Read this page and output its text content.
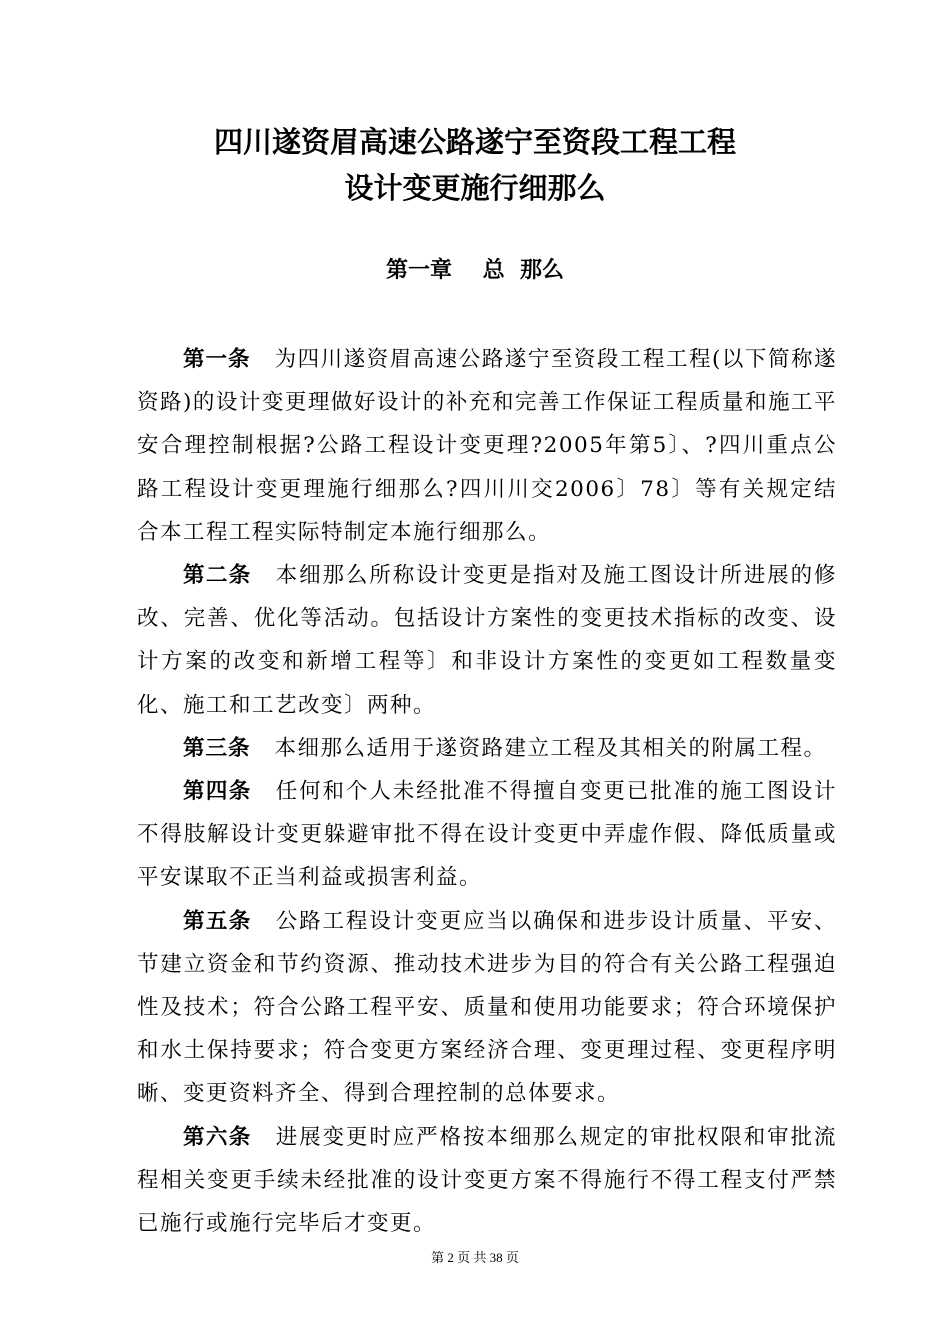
四川遂资眉高速公路遂宁至资段工程工程
设计变更施行细那么
第一章    总  那么

第一条 为四川遂资眉高速公路遂宁至资段工程工程(以下简称遂资路)的设计变更理做好设计的补充和完善工作保证工程质量和施工平安合理控制根据?公路工程设计变更理?2005年第5〕、?四川重点公路工程设计变更理施行细那么?四川川交2006〕78〕等有关规定结合本工程工程实际特制定本施行细那么。

第二条 本细那么所称设计变更是指对及施工图设计所进展的修改、完善、优化等活动。包括设计方案性的变更技术指标的改变、设计方案的改变和新增工程等〕和非设计方案性的变更如工程数量变化、施工和工艺改变〕两种。

第三条 本细那么适用于遂资路建立工程及其相关的附属工程。

第四条 任何和个人未经批准不得擅自变更已批准的施工图设计不得肢解设计变更躲避审批不得在设计变更中弄虚作假、降低质量或平安谋取不正当利益或损害利益。

第五条 公路工程设计变更应当以确保和进步设计质量、平安、节建立资金和节约资源、推动技术进步为目的符合有关公路工程强迫性及技术；符合公路工程平安、质量和使用功能要求；符合环境保护和水土保持要求；符合变更方案经济合理、变更理过程、变更程序明晰、变更资料齐全、得到合理控制的总体要求。

第六条 进展变更时应严格按本细那么规定的审批权限和审批流程相关变更手续未经批准的设计变更方案不得施行不得工程支付严禁已施行或施行完毕后才变更。

第 2 页 共 38 页
